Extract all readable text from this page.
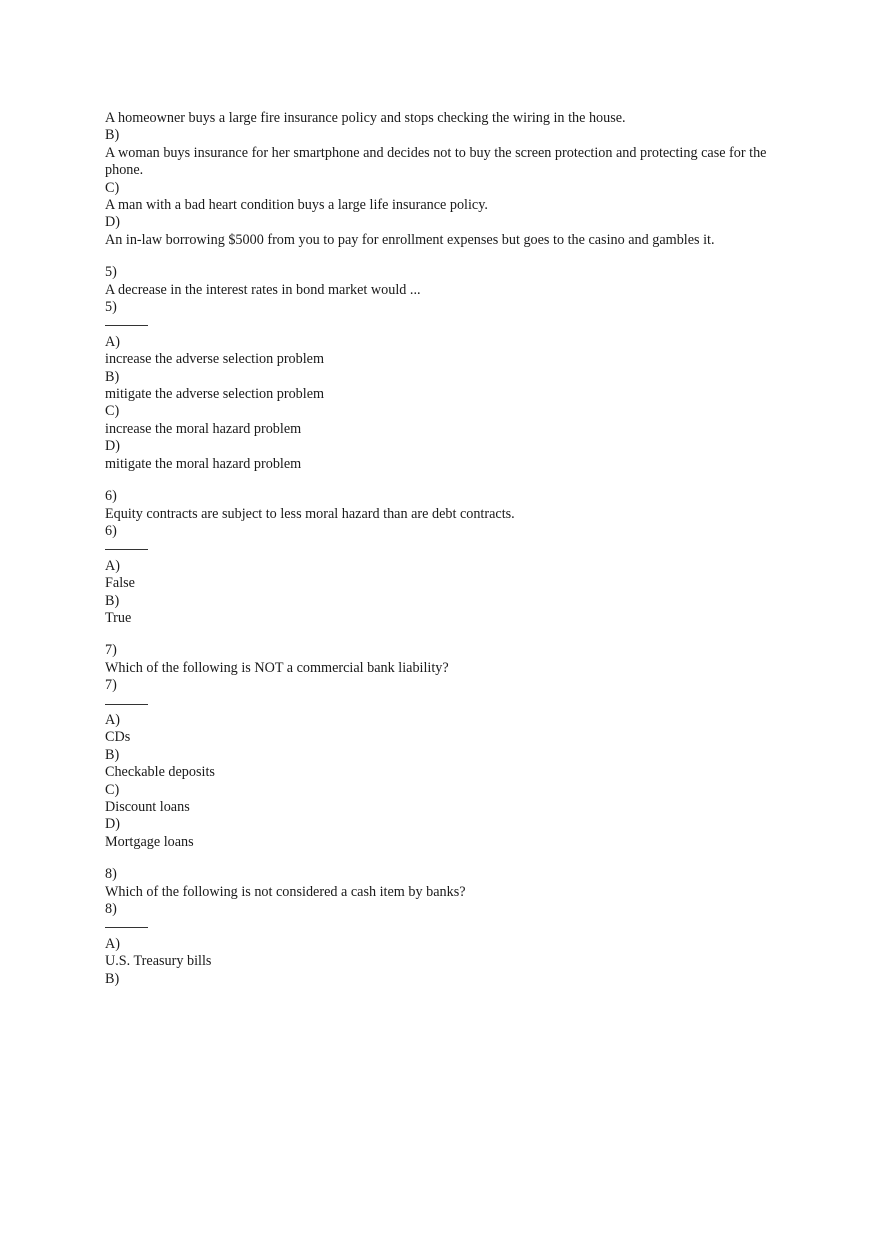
A homeowner buys a large fire insurance policy and stops checking the wiring in the house.
B)
A woman buys insurance for her smartphone and decides not to buy the screen protection and protecting case for the phone.
C)
A man with a bad heart condition buys a large life insurance policy.
D)
An in-law borrowing $5000 from you to pay for enrollment expenses but goes to the casino and gambles it.
5)
A decrease in the interest rates in bond market would ...
5)
A)
increase the adverse selection problem
B)
mitigate the adverse selection problem
C)
increase the moral hazard problem
D)
mitigate the moral hazard problem
6)
Equity contracts are subject to less moral hazard than are debt contracts.
6)
A)
False
B)
True
7)
Which of the following is NOT a commercial bank liability?
7)
A)
CDs
B)
Checkable deposits
C)
Discount loans
D)
Mortgage loans
8)
Which of the following is not considered a cash item by banks?
8)
A)
U.S. Treasury bills
B)
